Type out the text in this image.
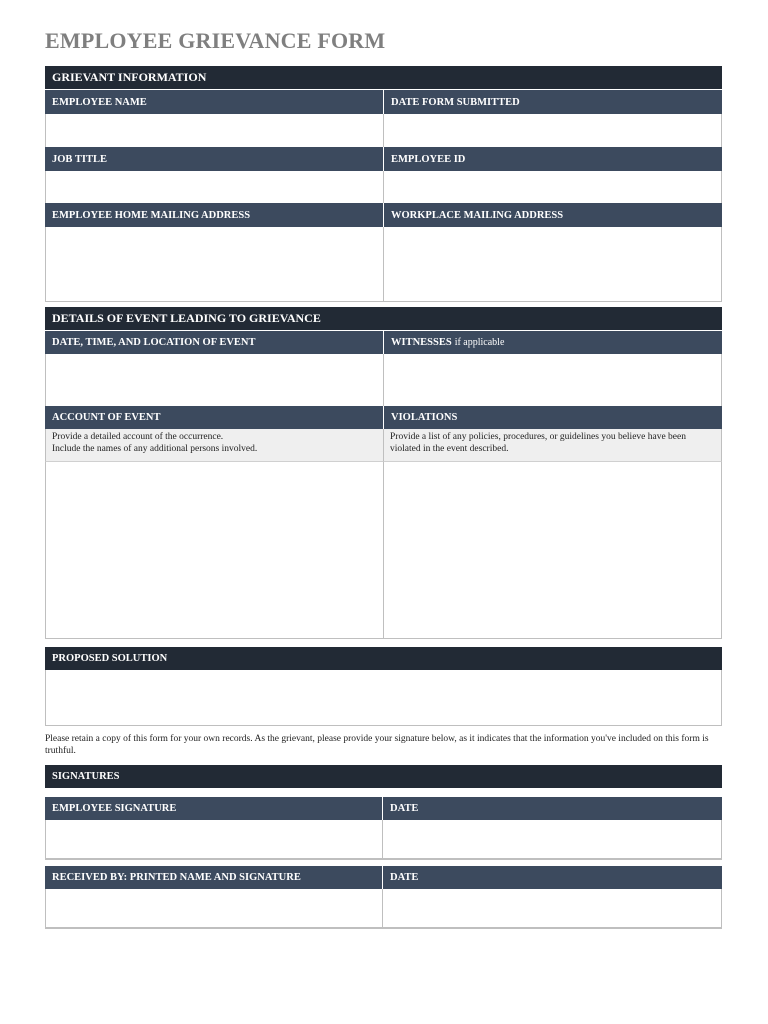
EMPLOYEE GRIEVANCE FORM
GRIEVANT INFORMATION
EMPLOYEE NAME	DATE FORM SUBMITTED
JOB TITLE	EMPLOYEE ID
EMPLOYEE HOME MAILING ADDRESS	WORKPLACE MAILING ADDRESS
DETAILS OF EVENT LEADING TO GRIEVANCE
DATE, TIME, AND LOCATION OF EVENT	WITNESSES if applicable
ACCOUNT OF EVENT	VIOLATIONS
Provide a detailed account of the occurrence.
Include the names of any additional persons involved.
Provide a list of any policies, procedures, or guidelines you believe have been violated in the event described.
PROPOSED SOLUTION
Please retain a copy of this form for your own records. As the grievant, please provide your signature below, as it indicates that the information you've included on this form is truthful.
SIGNATURES
EMPLOYEE SIGNATURE	DATE
RECEIVED BY: PRINTED NAME AND SIGNATURE	DATE
